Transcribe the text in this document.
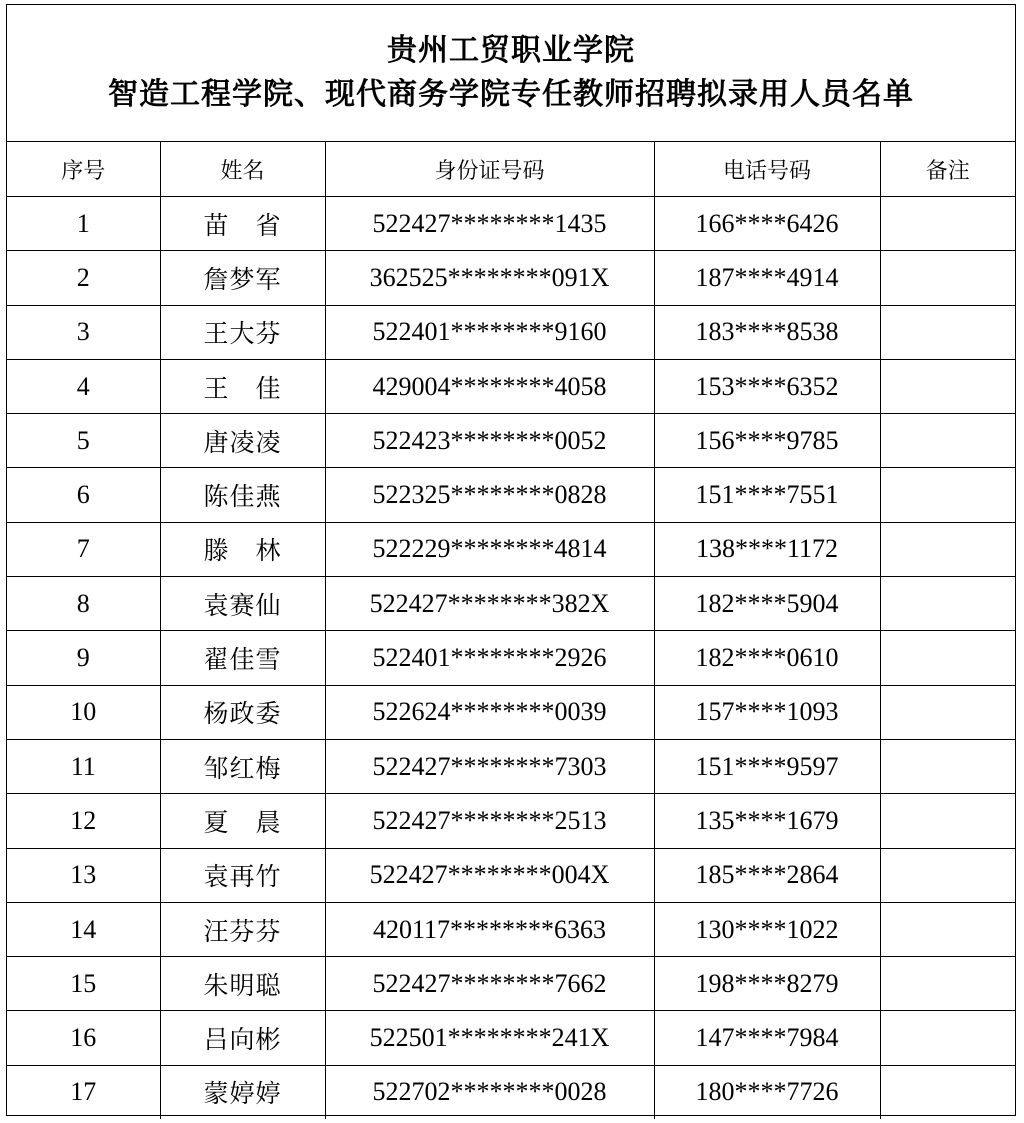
贵州工贸职业学院
智造工程学院、现代商务学院专任教师招聘拟录用人员名单
序号	姓名	身份证号码	电话号码	备注
1	苗　省	522427********1435	166****6426	
2	詹梦军	362525********091X	187****4914	
3	王大芬	522401********9160	183****8538	
4	王　佳	429004********4058	153****6352	
5	唐凌凌	522423********0052	156****9785	
6	陈佳燕	522325********0828	151****7551	
7	滕　林	522229********4814	138****1172	
8	袁赛仙	522427********382X	182****5904	
9	翟佳雪	522401********2926	182****0610	
10	杨政委	522624********0039	157****1093	
11	邹红梅	522427********7303	151****9597	
12	夏　晨	522427********2513	135****1679	
13	袁再竹	522427********004X	185****2864	
14	汪芬芬	420117********6363	130****1022	
15	朱明聪	522427********7662	198****8279	
16	吕向彬	522501********241X	147****7984	
17	蒙婷婷	522702********0028	180****7726	
